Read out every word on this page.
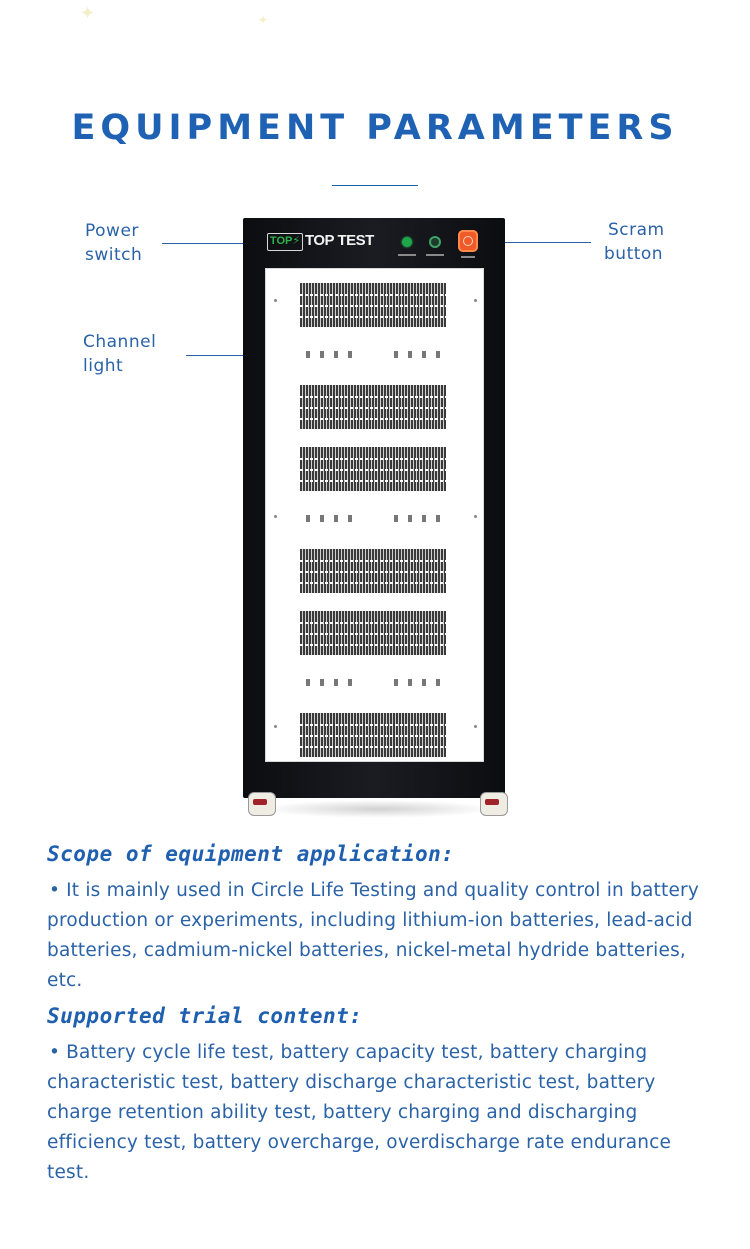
✦	✦
EQUIPMENT PARAMETERS
Power
switch
Channel
light
Scram
button
TOP⚡ TOP TEST
Scope of equipment application:

• It is mainly used in Circle Life Testing and quality control in battery production or experiments, including lithium-ion batteries, lead-acid batteries, cadmium-nickel batteries, nickel-metal hydride batteries, etc.

Supported trial content:

• Battery cycle life test, battery capacity test, battery charging characteristic test, battery discharge characteristic test, battery charge retention ability test, battery charging and discharging efficiency test, battery overcharge, overdischarge rate endurance test.
